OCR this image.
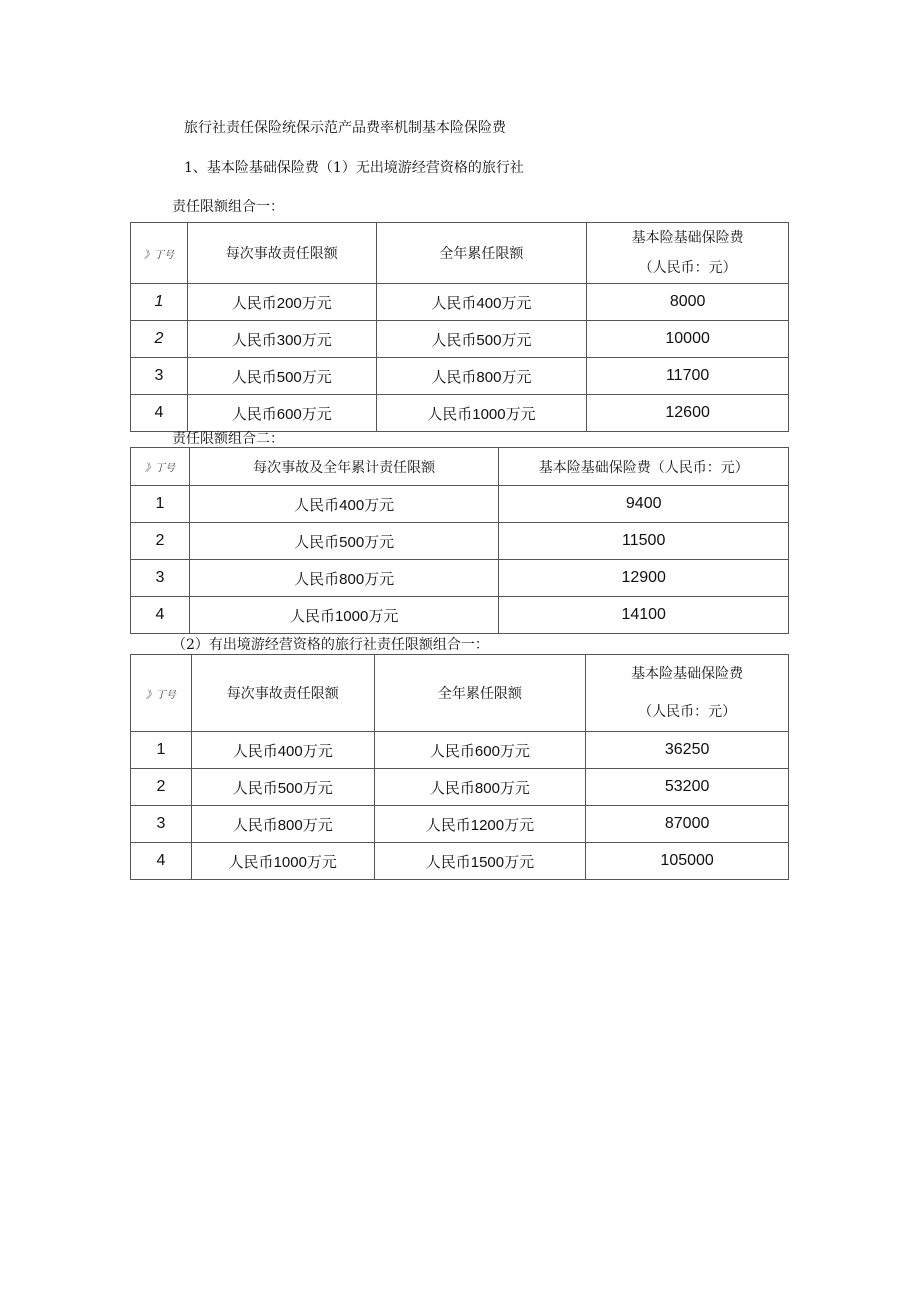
旅行社责任保险统保示范产品费率机制基本险保险费
1、基本险基础保险费（1）无出境游经营资格的旅行社
责任限额组合一：
》丁号	每次事故责任限额	全年累任限额	基本险基础保险费
（人民币：元）

1	人民币200万元	人民币400万元	8000
2	人民币300万元	人民币500万元	10000
3	人民币500万元	人民币800万元	11700
4	人民币600万元	人民币1000万元	12600
责任限额组合二：
》丁号	每次事故及全年累计责任限额	基本险基础保险费（人民币：元）
1	人民币400万元	9400
2	人民币500万元	11500
3	人民币800万元	12900
4	人民币1000万元	14100
（2）有出境游经营资格的旅行社责任限额组合一：
》丁号	每次事故责任限额	全年累任限额	基本险基础保险费
（人民币：元）

1	人民币400万元	人民币600万元	36250
2	人民币500万元	人民币800万元	53200
3	人民币800万元	人民币1200万元	87000
4	人民币1000万元	人民币1500万元	105000
